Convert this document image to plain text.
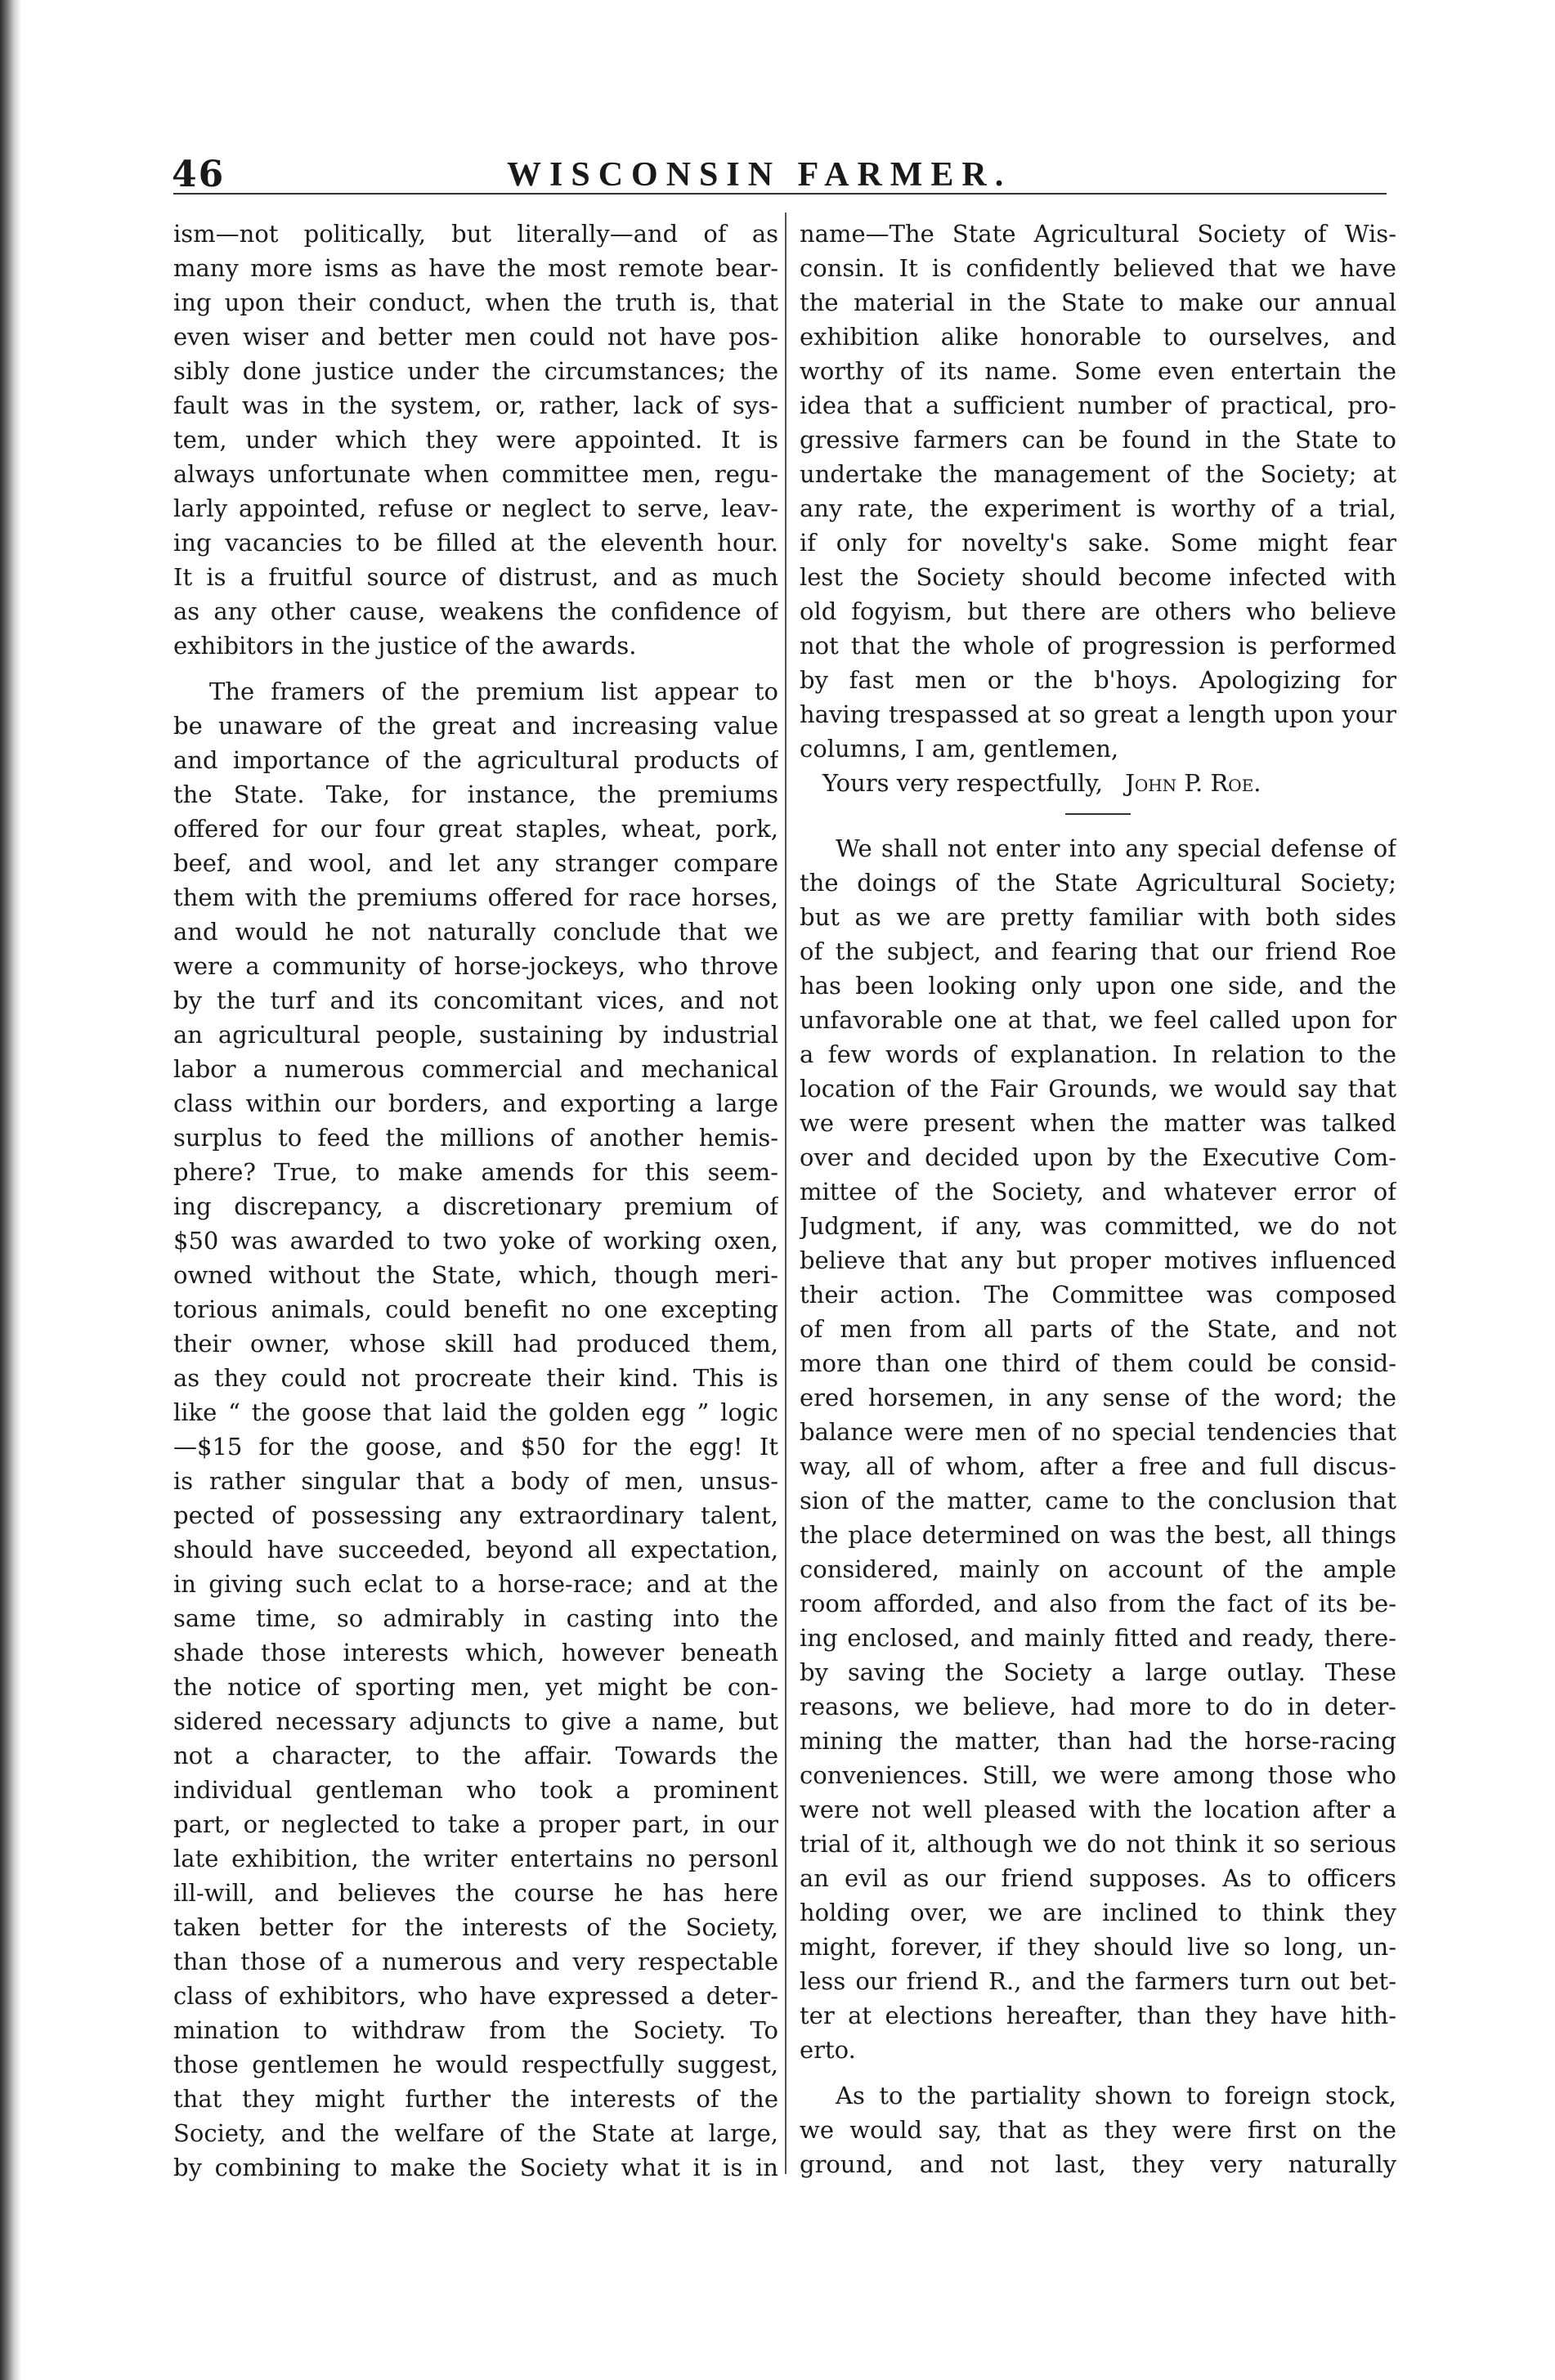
46	WISCONSIN FARMER.
ism—not politically, but literally—and of as
many more isms as have the most remote bear-
ing upon their conduct, when the truth is, that
even wiser and better men could not have pos-
sibly done justice under the circumstances; the
fault was in the system, or, rather, lack of sys-
tem, under which they were appointed. It is
always unfortunate when committee men, regu-
larly appointed, refuse or neglect to serve, leav-
ing vacancies to be filled at the eleventh hour.
It is a fruitful source of distrust, and as much
as any other cause, weakens the confidence of
exhibitors in the justice of the awards.
The framers of the premium list appear to
be unaware of the great and increasing value
and importance of the agricultural products of
the State. Take, for instance, the premiums
offered for our four great staples, wheat, pork,
beef, and wool, and let any stranger compare
them with the premiums offered for race horses,
and would he not naturally conclude that we
were a community of horse-jockeys, who throve
by the turf and its concomitant vices, and not
an agricultural people, sustaining by industrial
labor a numerous commercial and mechanical
class within our borders, and exporting a large
surplus to feed the millions of another hemis-
phere? True, to make amends for this seem-
ing discrepancy, a discretionary premium of
$50 was awarded to two yoke of working oxen,
owned without the State, which, though meri-
torious animals, could benefit no one excepting
their owner, whose skill had produced them,
as they could not procreate their kind. This is
like “ the goose that laid the golden egg ” logic
—$15 for the goose, and $50 for the egg! It
is rather singular that a body of men, unsus-
pected of possessing any extraordinary talent,
should have succeeded, beyond all expectation,
in giving such eclat to a horse-race; and at the
same time, so admirably in casting into the
shade those interests which, however beneath
the notice of sporting men, yet might be con-
sidered necessary adjuncts to give a name, but
not a character, to the affair. Towards the
individual gentleman who took a prominent
part, or neglected to take a proper part, in our
late exhibition, the writer entertains no personl
ill-will, and believes the course he has here
taken better for the interests of the Society,
than those of a numerous and very respectable
class of exhibitors, who have expressed a deter-
mination to withdraw from the Society. To
those gentlemen he would respectfully suggest,
that they might further the interests of the
Society, and the welfare of the State at large,
by combining to make the Society what it is in
name—The State Agricultural Society of Wis-
consin. It is confidently believed that we have
the material in the State to make our annual
exhibition alike honorable to ourselves, and
worthy of its name. Some even entertain the
idea that a sufficient number of practical, pro-
gressive farmers can be found in the State to
undertake the management of the Society; at
any rate, the experiment is worthy of a trial,
if only for novelty's sake. Some might fear
lest the Society should become infected with
old fogyism, but there are others who believe
not that the whole of progression is performed
by fast men or the b'hoys. Apologizing for
having trespassed at so great a length upon your
columns, I am, gentlemen,
Yours very respectfully, John P. Roe.
We shall not enter into any special defense of
the doings of the State Agricultural Society;
but as we are pretty familiar with both sides
of the subject, and fearing that our friend Roe
has been looking only upon one side, and the
unfavorable one at that, we feel called upon for
a few words of explanation. In relation to the
location of the Fair Grounds, we would say that
we were present when the matter was talked
over and decided upon by the Executive Com-
mittee of the Society, and whatever error of
Judgment, if any, was committed, we do not
believe that any but proper motives influenced
their action. The Committee was composed
of men from all parts of the State, and not
more than one third of them could be consid-
ered horsemen, in any sense of the word; the
balance were men of no special tendencies that
way, all of whom, after a free and full discus-
sion of the matter, came to the conclusion that
the place determined on was the best, all things
considered, mainly on account of the ample
room afforded, and also from the fact of its be-
ing enclosed, and mainly fitted and ready, there-
by saving the Society a large outlay. These
reasons, we believe, had more to do in deter-
mining the matter, than had the horse-racing
conveniences. Still, we were among those who
were not well pleased with the location after a
trial of it, although we do not think it so serious
an evil as our friend supposes. As to officers
holding over, we are inclined to think they
might, forever, if they should live so long, un-
less our friend R., and the farmers turn out bet-
ter at elections hereafter, than they have hith-
erto.
As to the partiality shown to foreign stock,
we would say, that as they were first on the
ground, and not last, they very naturally
